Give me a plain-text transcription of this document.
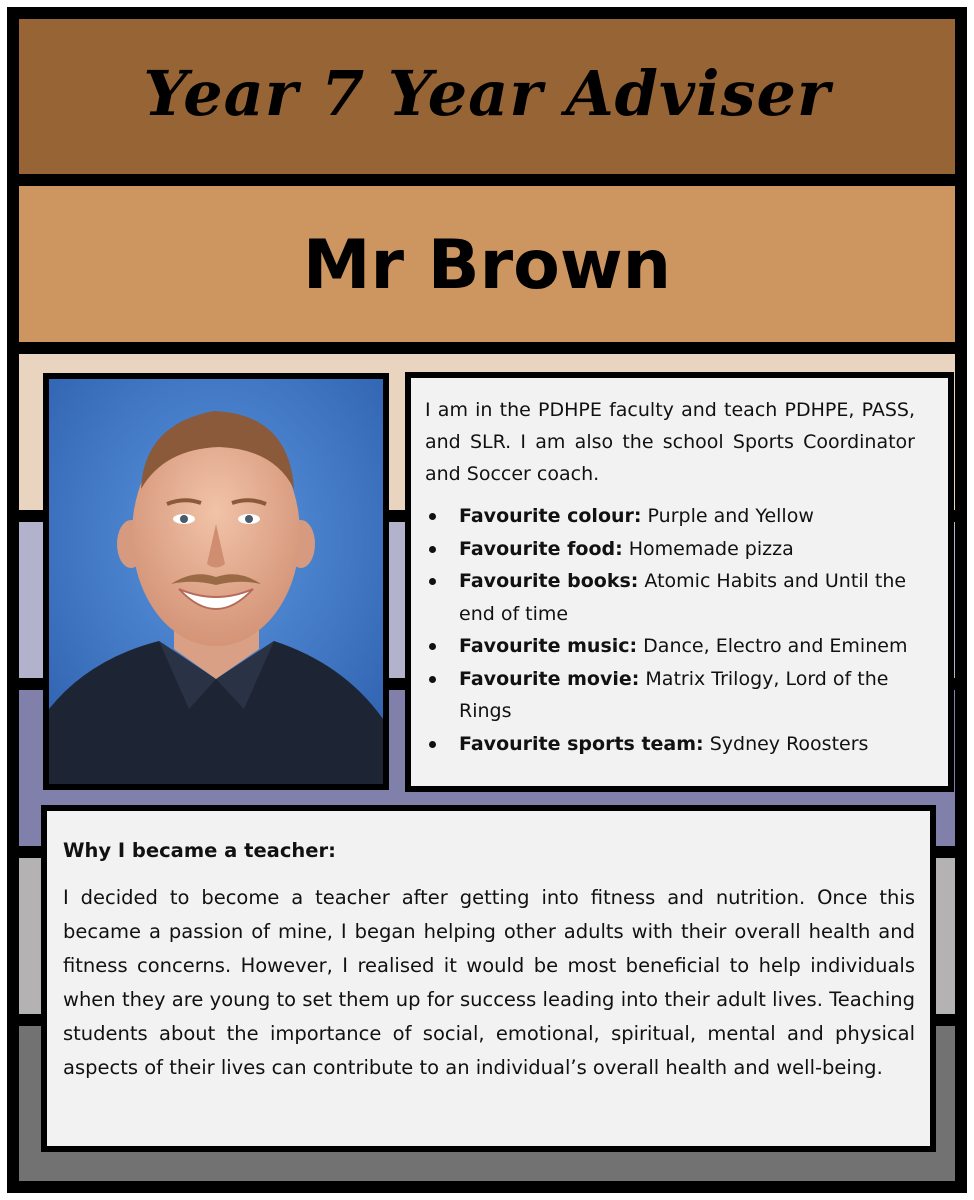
Year 7 Year Adviser
Mr Brown

I am in the PDHPE faculty and teach PDHPE, PASS, and SLR. I am also the school Sports Coordinator and Soccer coach.

Favourite colour: Purple and Yellow
Favourite food: Homemade pizza
Favourite books: Atomic Habits and Until the end of time
Favourite music: Dance, Electro and Eminem
Favourite movie: Matrix Trilogy, Lord of the Rings
Favourite sports team: Sydney Roosters
Why I became a teacher:

I decided to become a teacher after getting into fitness and nutrition. Once this became a passion of mine, I began helping other adults with their overall health and fitness concerns. However, I realised it would be most beneficial to help individuals when they are young to set them up for success leading into their adult lives. Teaching students about the importance of social, emotional, spiritual, mental and physical aspects of their lives can contribute to an individual’s overall health and well-being.
